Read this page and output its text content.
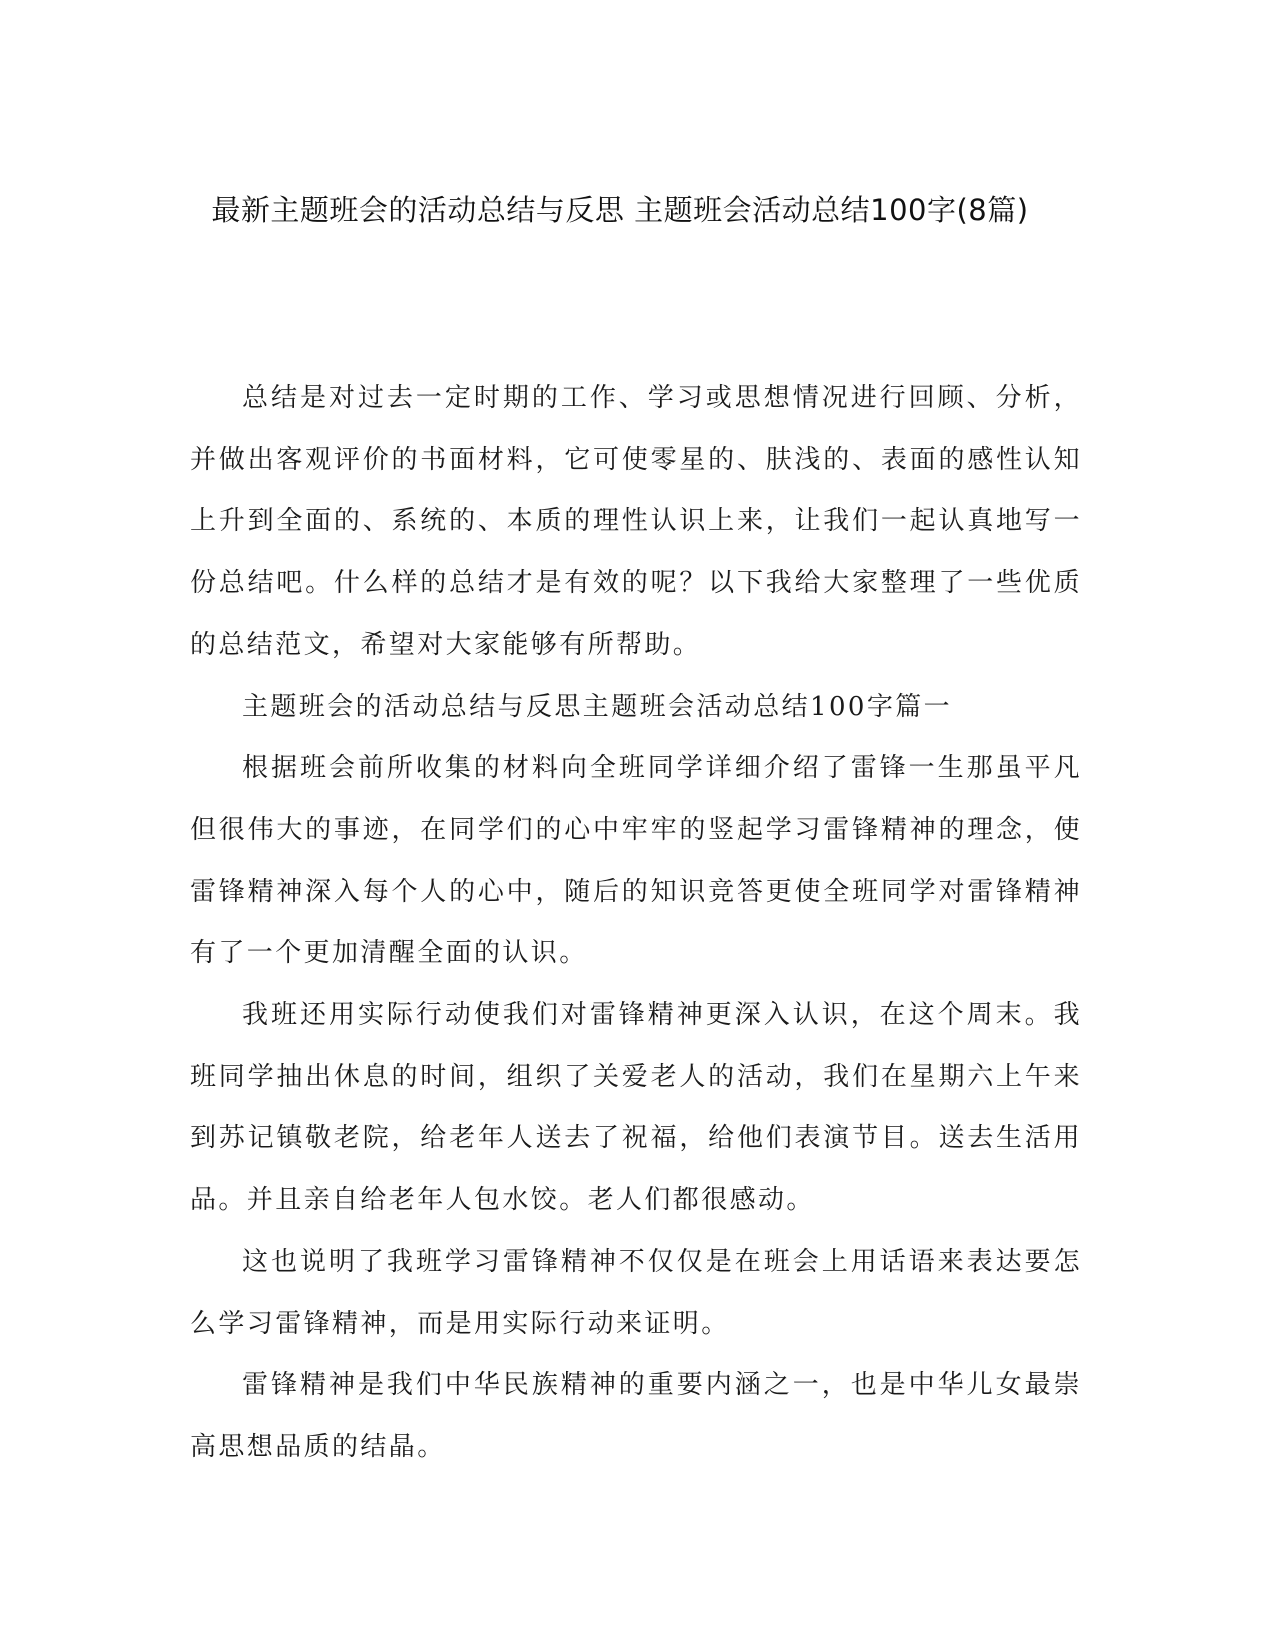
最新主题班会的活动总结与反思 主题班会活动总结100字(8篇)

总结是对过去一定时期的工作、学习或思想情况进行回顾、分析，并做出客观评价的书面材料，它可使零星的、肤浅的、表面的感性认知上升到全面的、系统的、本质的理性认识上来，让我们一起认真地写一份总结吧。什么样的总结才是有效的呢？以下我给大家整理了一些优质的总结范文，希望对大家能够有所帮助。

主题班会的活动总结与反思主题班会活动总结100字篇一

根据班会前所收集的材料向全班同学详细介绍了雷锋一生那虽平凡但很伟大的事迹，在同学们的心中牢牢的竖起学习雷锋精神的理念，使雷锋精神深入每个人的心中，随后的知识竞答更使全班同学对雷锋精神有了一个更加清醒全面的认识。

我班还用实际行动使我们对雷锋精神更深入认识，在这个周末。我班同学抽出休息的时间，组织了关爱老人的活动，我们在星期六上午来到苏记镇敬老院，给老年人送去了祝福，给他们表演节目。送去生活用品。并且亲自给老年人包水饺。老人们都很感动。

这也说明了我班学习雷锋精神不仅仅是在班会上用话语来表达要怎么学习雷锋精神，而是用实际行动来证明。

雷锋精神是我们中华民族精神的重要内涵之一，也是中华儿女最崇高思想品质的结晶。
